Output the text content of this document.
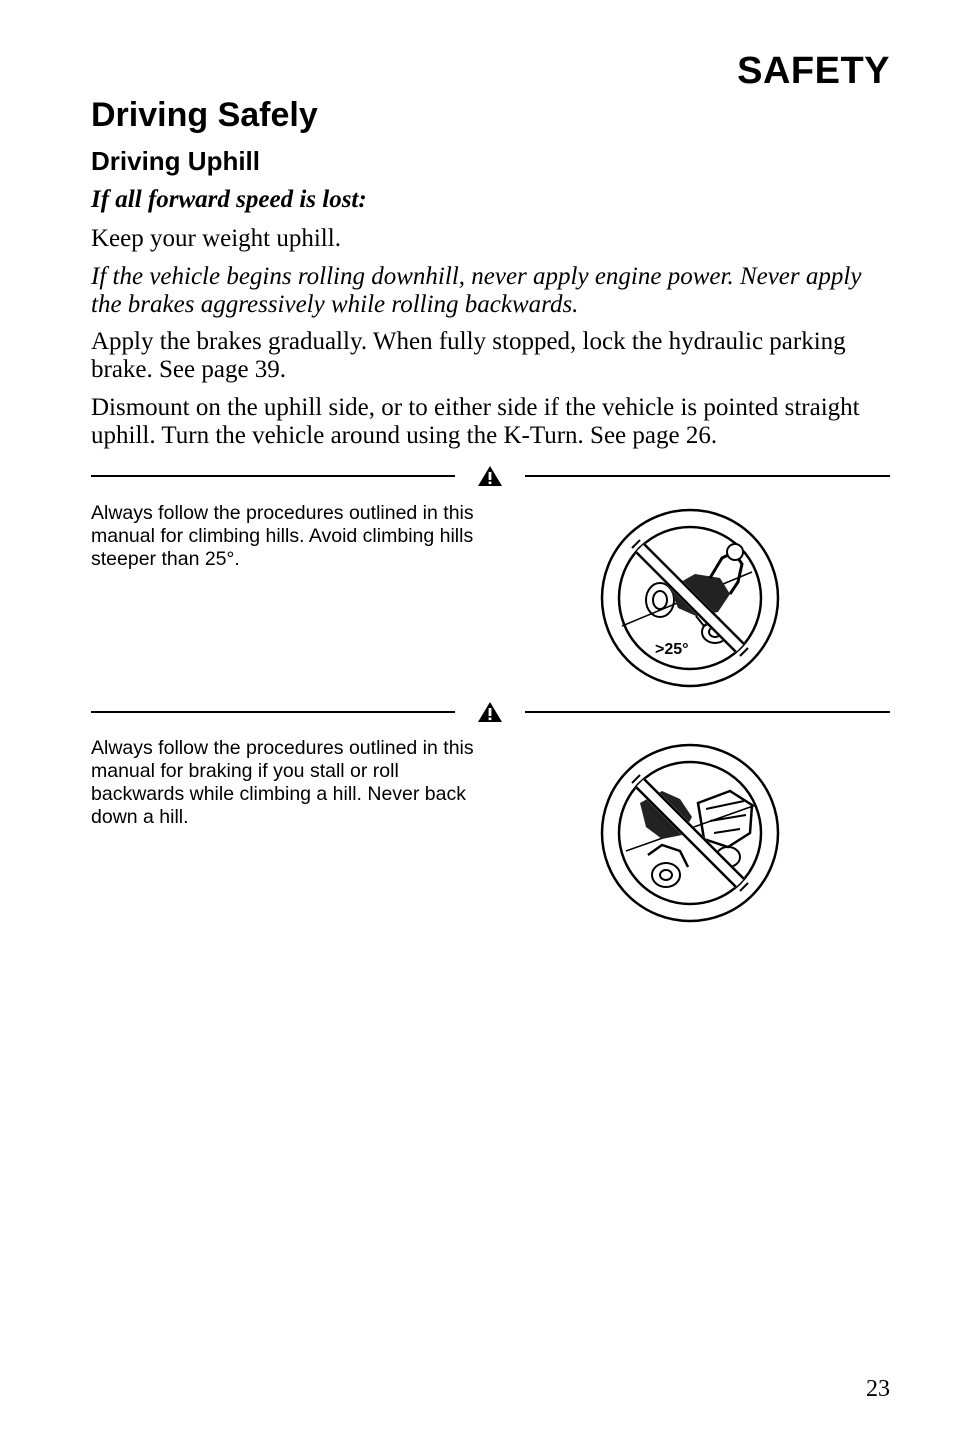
SAFETY
Driving Safely
Driving Uphill

If all forward speed is lost:

Keep your weight uphill.

If the vehicle begins rolling downhill, never apply engine power. Never apply the brakes aggressively while rolling backwards.

Apply the brakes gradually. When fully stopped, lock the hydraulic parking brake. See page 39.

Dismount on the uphill side, or to either side if the vehicle is pointed straight uphill. Turn the vehicle around using the K-Turn. See page 26.

Always follow the procedures outlined in this manual for climbing hills. Avoid climbing hills steeper than 25°.

>25°

Always follow the procedures outlined in this manual for braking if you stall or roll backwards while climbing a hill. Never back down a hill.

23
